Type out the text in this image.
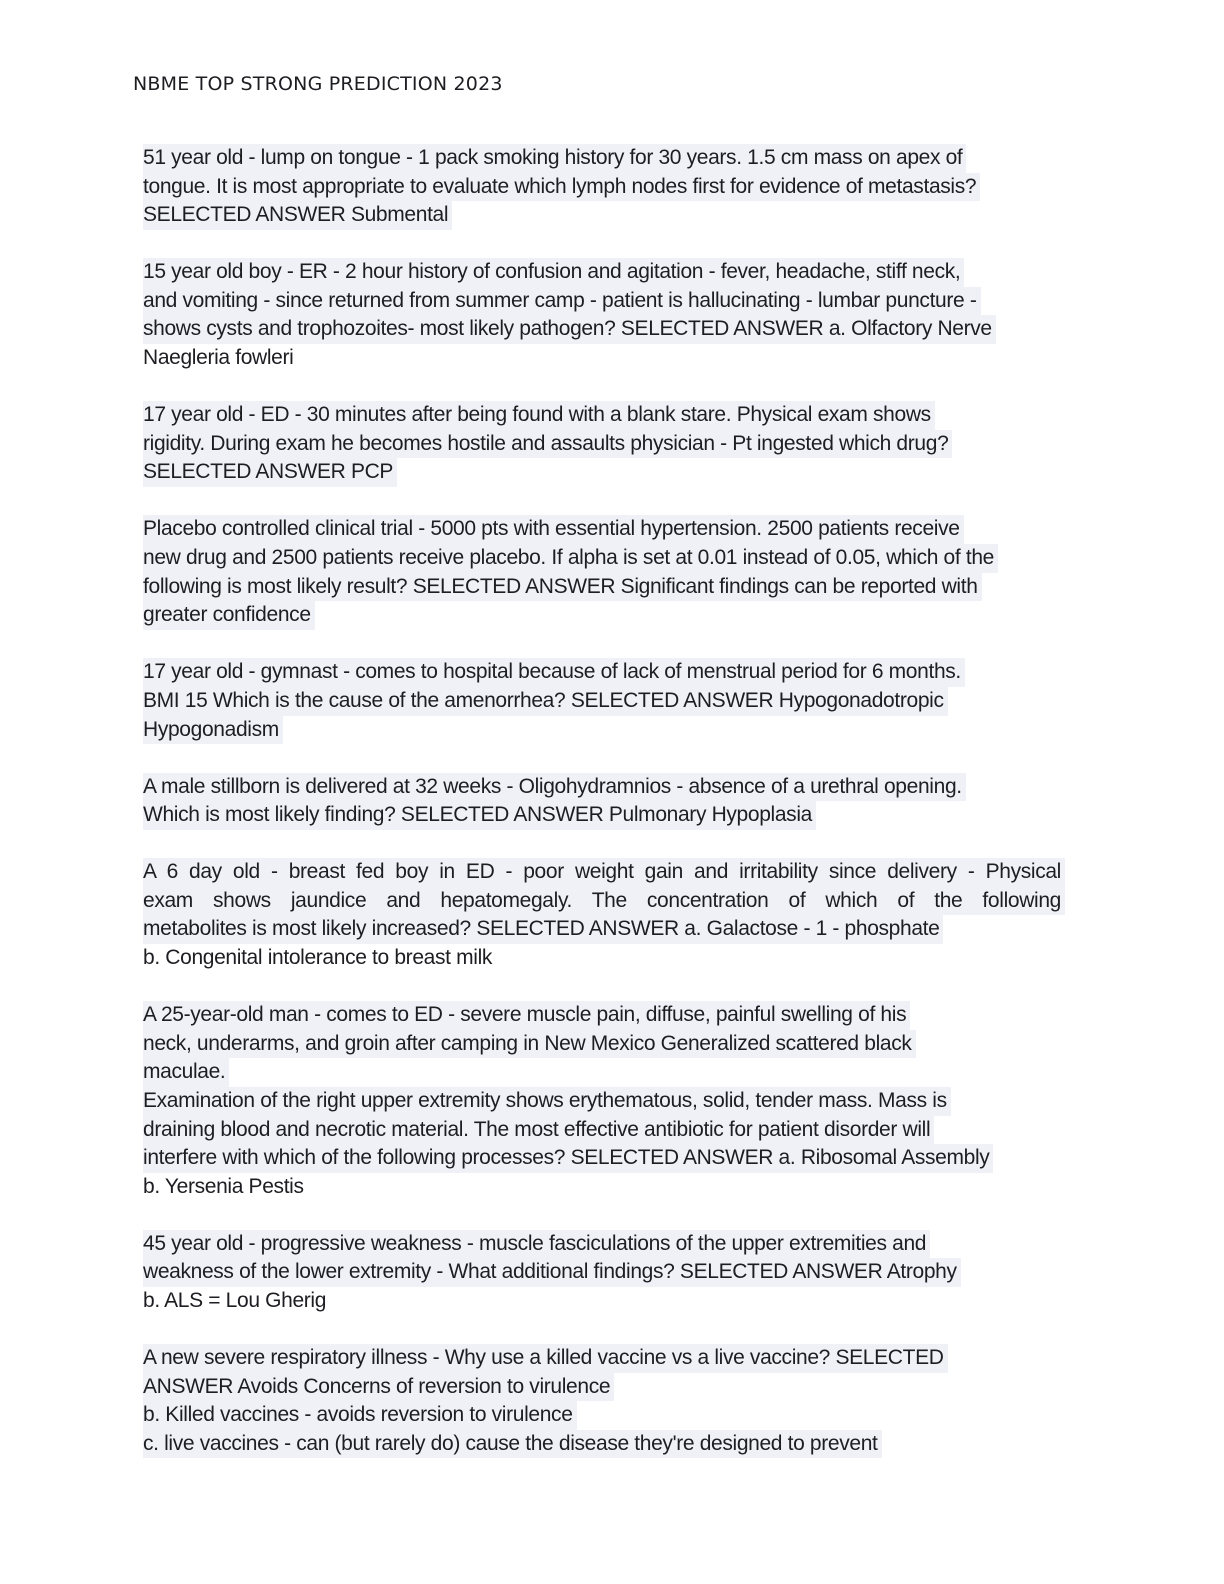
NBME TOP STRONG PREDICTION 2023
51 year old - lump on tongue - 1 pack smoking history for 30 years. 1.5 cm mass on apex of
tongue. It is most appropriate to evaluate which lymph nodes first for evidence of metastasis?
SELECTED ANSWER Submental
15 year old boy - ER - 2 hour history of confusion and agitation - fever, headache, stiff neck,
and vomiting - since returned from summer camp - patient is hallucinating - lumbar puncture -
shows cysts and trophozoites- most likely pathogen? SELECTED ANSWER a. Olfactory Nerve
Naegleria fowleri
17 year old - ED - 30 minutes after being found with a blank stare. Physical exam shows
rigidity. During exam he becomes hostile and assaults physician - Pt ingested which drug?
SELECTED ANSWER PCP
Placebo controlled clinical trial - 5000 pts with essential hypertension. 2500 patients receive
new drug and 2500 patients receive placebo. If alpha is set at 0.01 instead of 0.05, which of the
following is most likely result? SELECTED ANSWER Significant findings can be reported with
greater confidence
17 year old - gymnast - comes to hospital because of lack of menstrual period for 6 months.
BMI 15 Which is the cause of the amenorrhea? SELECTED ANSWER Hypogonadotropic
Hypogonadism
A male stillborn is delivered at 32 weeks - Oligohydramnios - absence of a urethral opening.
Which is most likely finding? SELECTED ANSWER Pulmonary Hypoplasia
A 6 day old - breast fed boy in ED - poor weight gain and irritability since delivery - Physical
exam shows jaundice and hepatomegaly. The concentration of which of the following
metabolites is most likely increased? SELECTED ANSWER a. Galactose - 1 - phosphate
b. Congenital intolerance to breast milk
A 25-year-old man - comes to ED - severe muscle pain, diffuse, painful swelling of his
neck, underarms, and groin after camping in New Mexico Generalized scattered black
maculae.
Examination of the right upper extremity shows erythematous, solid, tender mass. Mass is
draining blood and necrotic material. The most effective antibiotic for patient disorder will
interfere with which of the following processes? SELECTED ANSWER a. Ribosomal Assembly
b. Yersenia Pestis
45 year old - progressive weakness - muscle fasciculations of the upper extremities and
weakness of the lower extremity - What additional findings? SELECTED ANSWER Atrophy
b. ALS = Lou Gherig
A new severe respiratory illness - Why use a killed vaccine vs a live vaccine? SELECTED
ANSWER Avoids Concerns of reversion to virulence
b. Killed vaccines - avoids reversion to virulence
c. live vaccines - can (but rarely do) cause the disease they're designed to prevent
